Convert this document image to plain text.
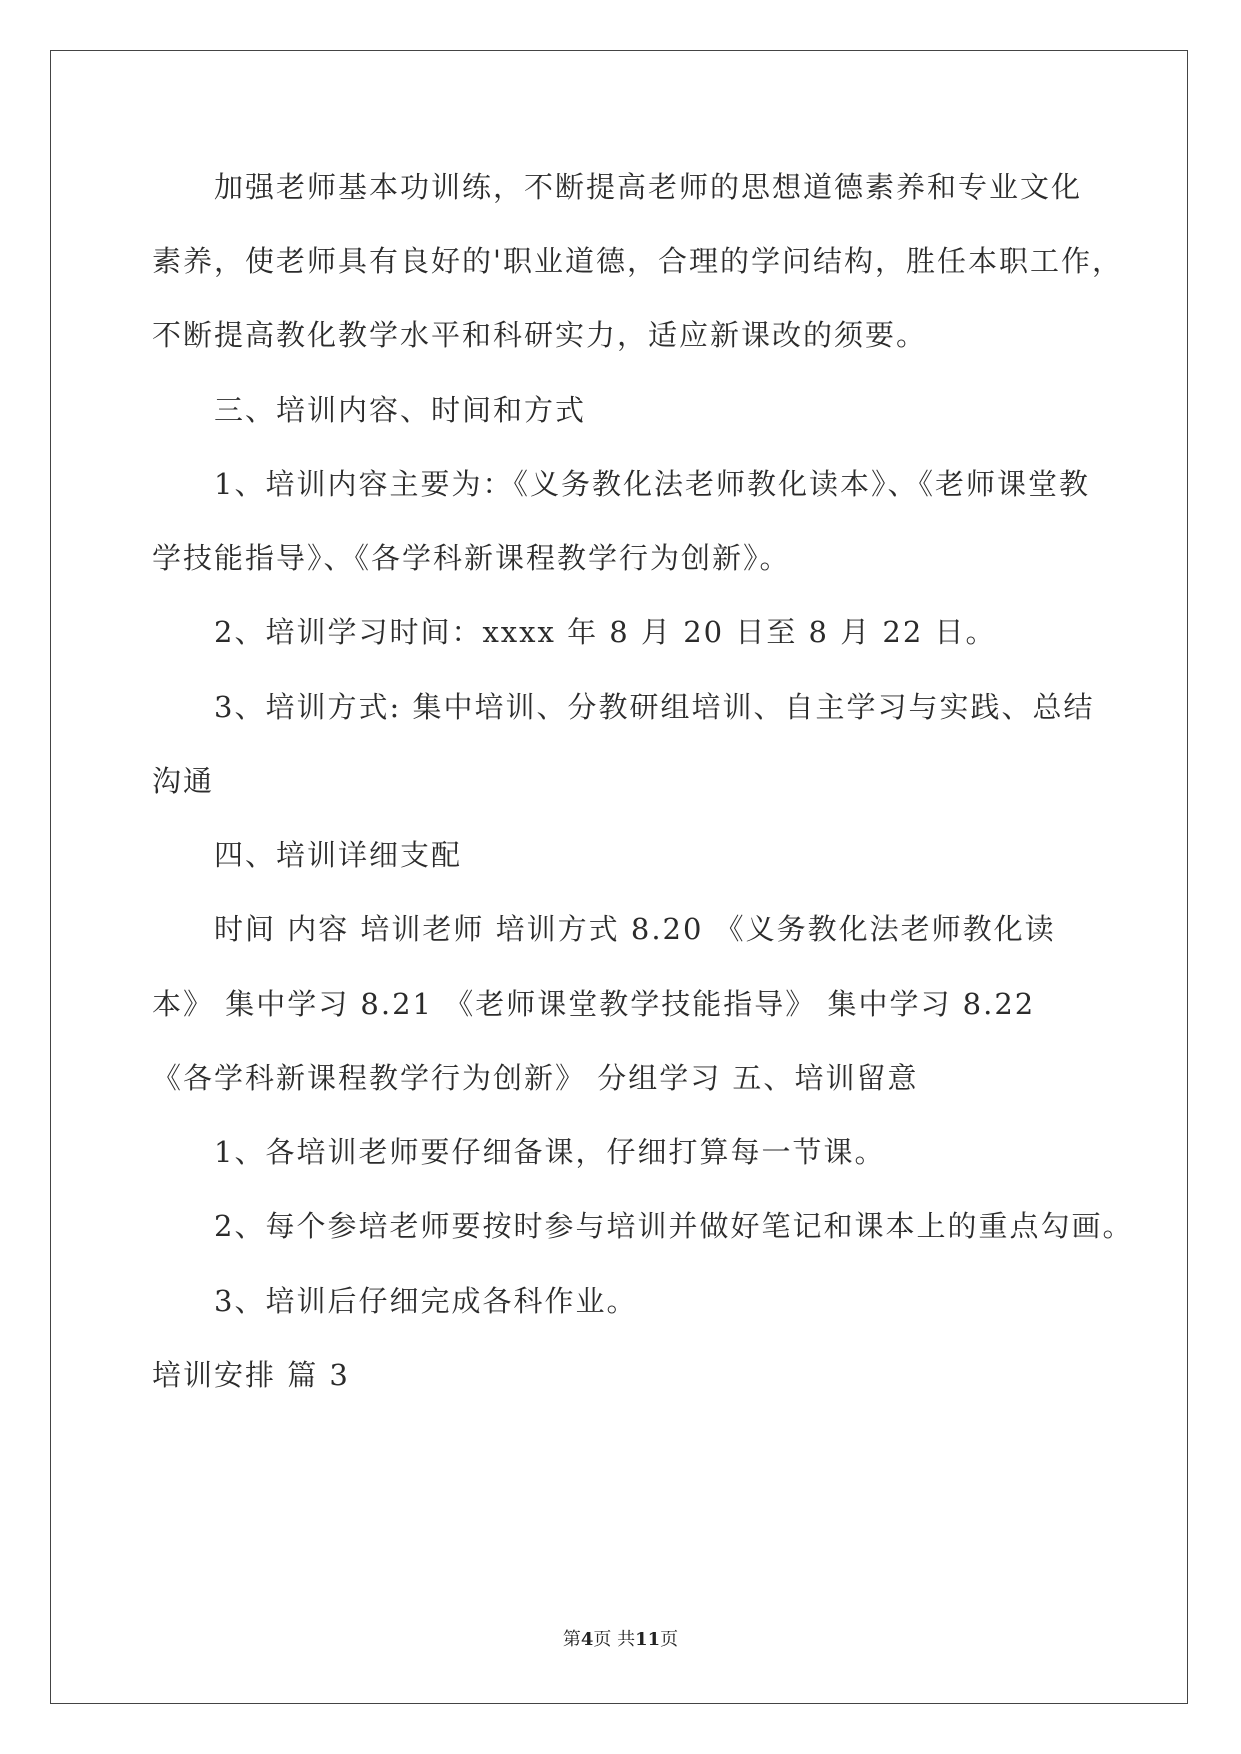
加强老师基本功训练，不断提高老师的思想道德素养和专业文化
素养，使老师具有良好的'职业道德，合理的学问结构，胜任本职工作，
不断提高教化教学水平和科研实力，适应新课改的须要。
三、培训内容、时间和方式
1、培训内容主要为：《义务教化法老师教化读本》、《老师课堂教
学技能指导》、《各学科新课程教学行为创新》。
2、培训学习时间：xxxx 年 8 月 20 日至 8 月 22 日。
3、培训方式: 集中培训、分教研组培训、自主学习与实践、总结
沟通
四、培训详细支配
时间 内容 培训老师 培训方式 8.20 《义务教化法老师教化读
本》 集中学习 8.21 《老师课堂教学技能指导》 集中学习 8.22
《各学科新课程教学行为创新》 分组学习 五、培训留意
1、各培训老师要仔细备课，仔细打算每一节课。
2、每个参培老师要按时参与培训并做好笔记和课本上的重点勾画。
3、培训后仔细完成各科作业。
培训安排 篇 3
第4页 共11页
